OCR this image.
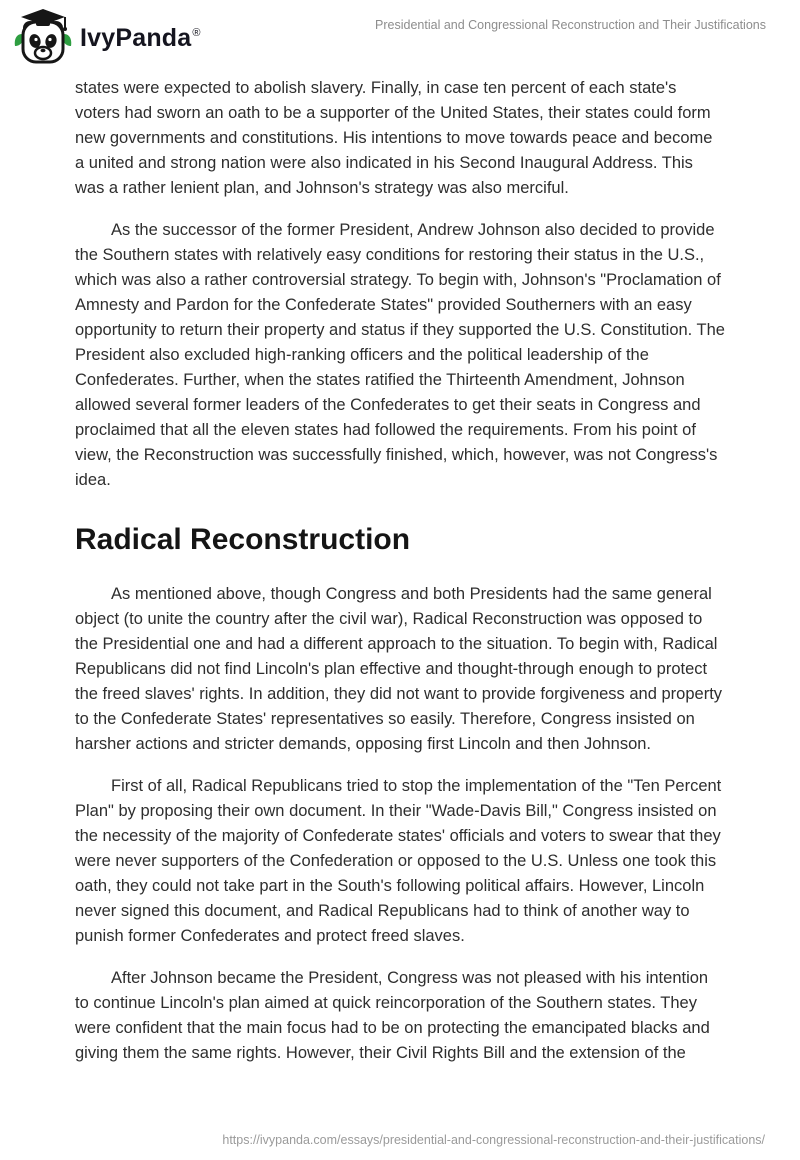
IvyPanda®
Presidential and Congressional Reconstruction and Their Justifications

states were expected to abolish slavery. Finally, in case ten percent of each state's voters had sworn an oath to be a supporter of the United States, their states could form new governments and constitutions. His intentions to move towards peace and become a united and strong nation were also indicated in his Second Inaugural Address. This was a rather lenient plan, and Johnson's strategy was also merciful.

As the successor of the former President, Andrew Johnson also decided to provide the Southern states with relatively easy conditions for restoring their status in the U.S., which was also a rather controversial strategy. To begin with, Johnson's "Proclamation of Amnesty and Pardon for the Confederate States" provided Southerners with an easy opportunity to return their property and status if they supported the U.S. Constitution. The President also excluded high-ranking officers and the political leadership of the Confederates. Further, when the states ratified the Thirteenth Amendment, Johnson allowed several former leaders of the Confederates to get their seats in Congress and proclaimed that all the eleven states had followed the requirements. From his point of view, the Reconstruction was successfully finished, which, however, was not Congress's idea.

Radical Reconstruction

As mentioned above, though Congress and both Presidents had the same general object (to unite the country after the civil war), Radical Reconstruction was opposed to the Presidential one and had a different approach to the situation. To begin with, Radical Republicans did not find Lincoln's plan effective and thought-through enough to protect the freed slaves' rights. In addition, they did not want to provide forgiveness and property to the Confederate States' representatives so easily. Therefore, Congress insisted on harsher actions and stricter demands, opposing first Lincoln and then Johnson.

First of all, Radical Republicans tried to stop the implementation of the "Ten Percent Plan" by proposing their own document. In their "Wade-Davis Bill," Congress insisted on the necessity of the majority of Confederate states' officials and voters to swear that they were never supporters of the Confederation or opposed to the U.S. Unless one took this oath, they could not take part in the South's following political affairs. However, Lincoln never signed this document, and Radical Republicans had to think of another way to punish former Confederates and protect freed slaves.

After Johnson became the President, Congress was not pleased with his intention to continue Lincoln's plan aimed at quick reincorporation of the Southern states. They were confident that the main focus had to be on protecting the emancipated blacks and giving them the same rights. However, their Civil Rights Bill and the extension of the

https://ivypanda.com/essays/presidential-and-congressional-reconstruction-and-their-justifications/
